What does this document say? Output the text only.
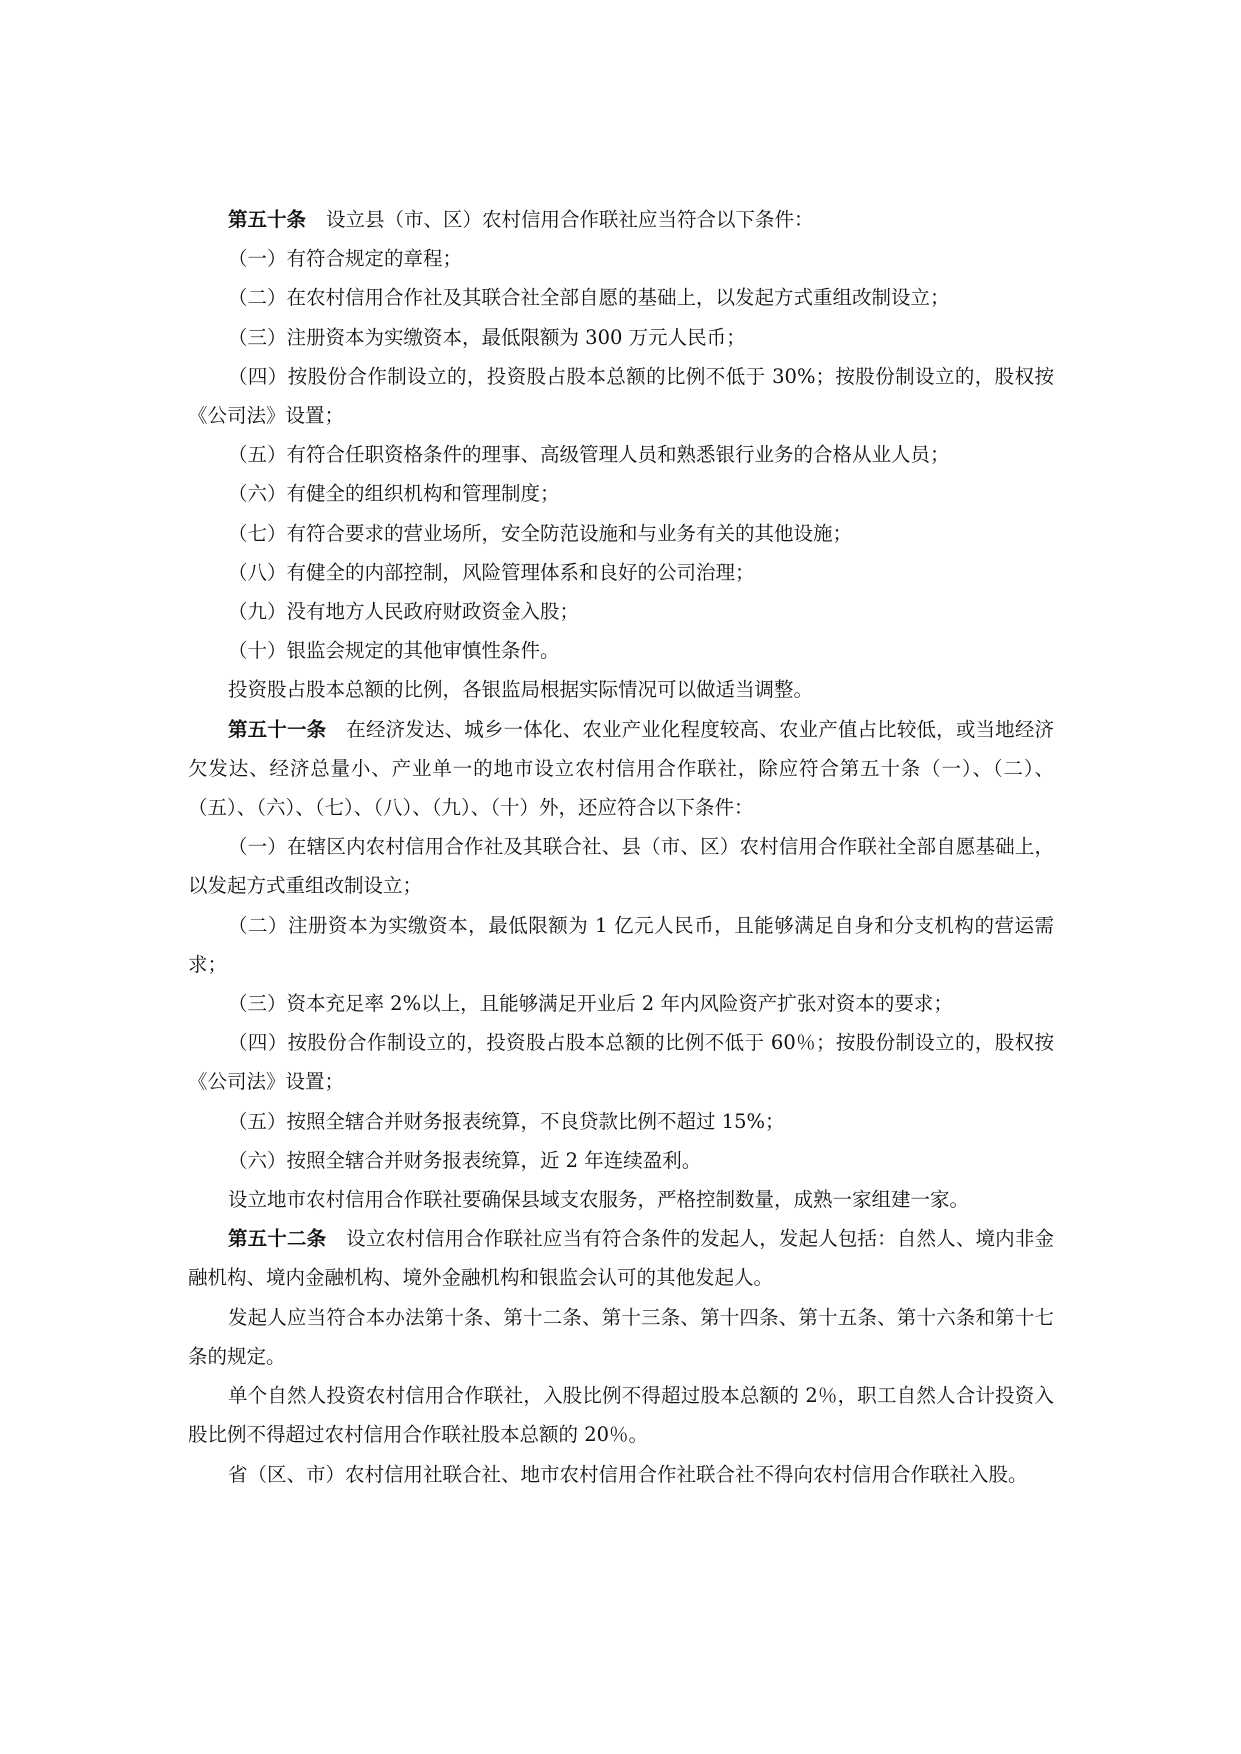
第五十条 设立县（市、区）农村信用合作联社应当符合以下条件：

（一）有符合规定的章程；

（二）在农村信用合作社及其联合社全部自愿的基础上，以发起方式重组改制设立；

（三）注册资本为实缴资本，最低限额为 300 万元人民币；

（四）按股份合作制设立的，投资股占股本总额的比例不低于 30%；按股份制设立的，股权按《公司法》设置；

（五）有符合任职资格条件的理事、高级管理人员和熟悉银行业务的合格从业人员；

（六）有健全的组织机构和管理制度；

（七）有符合要求的营业场所，安全防范设施和与业务有关的其他设施；

（八）有健全的内部控制，风险管理体系和良好的公司治理；

（九）没有地方人民政府财政资金入股；

（十）银监会规定的其他审慎性条件。

投资股占股本总额的比例，各银监局根据实际情况可以做适当调整。

第五十一条 在经济发达、城乡一体化、农业产业化程度较高、农业产值占比较低，或当地经济欠发达、经济总量小、产业单一的地市设立农村信用合作联社，除应符合第五十条（一）、（二）、（五）、（六）、（七）、（八）、（九）、（十）外，还应符合以下条件：

（一）在辖区内农村信用合作社及其联合社、县（市、区）农村信用合作联社全部自愿基础上，以发起方式重组改制设立；

（二）注册资本为实缴资本，最低限额为 1 亿元人民币，且能够满足自身和分支机构的营运需求；

（三）资本充足率 2%以上，且能够满足开业后 2 年内风险资产扩张对资本的要求；

（四）按股份合作制设立的，投资股占股本总额的比例不低于 60％；按股份制设立的，股权按《公司法》设置；

（五）按照全辖合并财务报表统算，不良贷款比例不超过 15%；

（六）按照全辖合并财务报表统算，近 2 年连续盈利。

设立地市农村信用合作联社要确保县域支农服务，严格控制数量，成熟一家组建一家。

第五十二条 设立农村信用合作联社应当有符合条件的发起人，发起人包括：自然人、境内非金融机构、境内金融机构、境外金融机构和银监会认可的其他发起人。

发起人应当符合本办法第十条、第十二条、第十三条、第十四条、第十五条、第十六条和第十七条的规定。

单个自然人投资农村信用合作联社，入股比例不得超过股本总额的 2％，职工自然人合计投资入股比例不得超过农村信用合作联社股本总额的 20％。

省（区、市）农村信用社联合社、地市农村信用合作社联合社不得向农村信用合作联社入股。
